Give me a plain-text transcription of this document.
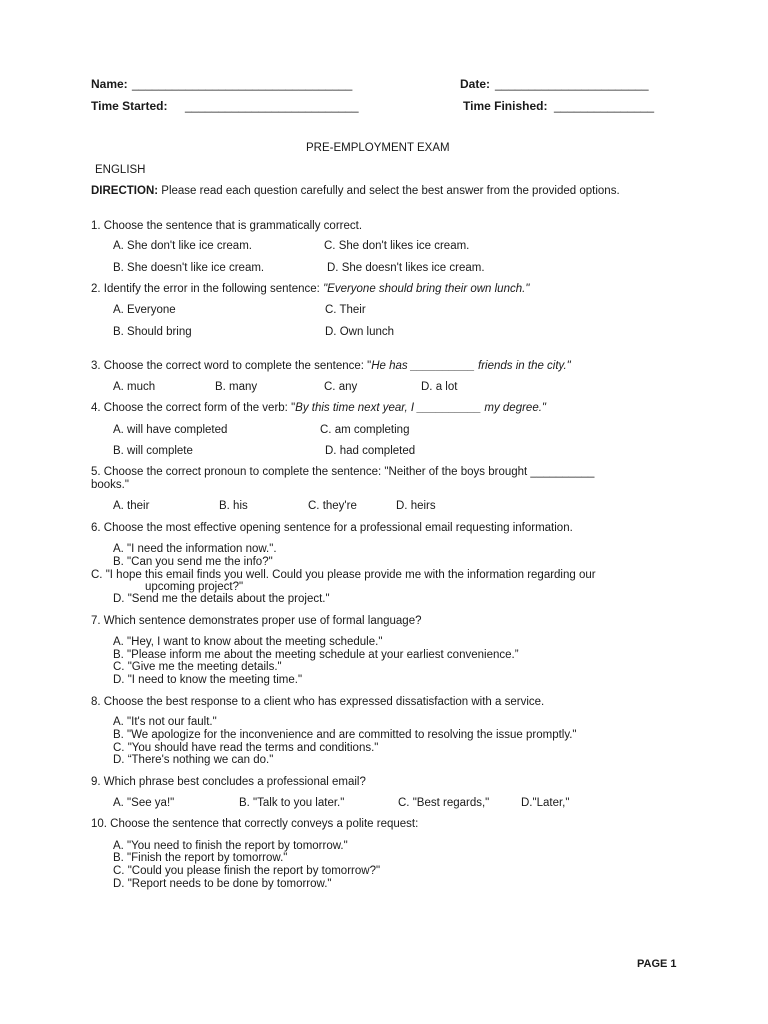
Name: _________________________________	Date: _______________________
Time Started: __________________________	Time Finished: _______________
PRE-EMPLOYMENT EXAM
ENGLISH
DIRECTION: Please read each question carefully and select the best answer from the provided options.
1. Choose the sentence that is grammatically correct.
A. She don't like ice cream.	C. She don't likes ice cream.
B. She doesn't like ice cream.	D. She doesn't likes ice cream.
2. Identify the error in the following sentence: "Everyone should bring their own lunch."
A. Everyone	C. Their
B. Should bring	D. Own lunch
3. Choose the correct word to complete the sentence: "He has __________ friends in the city."
A. much	B. many	C. any	D. a lot
4. Choose the correct form of the verb: "By this time next year, I __________ my degree."
A. will have completed	C. am completing
B. will complete	D. had completed
5. Choose the correct pronoun to complete the sentence: "Neither of the boys brought __________
books."
A. their	B. his	C. they're	D. heirs
6. Choose the most effective opening sentence for a professional email requesting information.
A. "I need the information now.".
B. "Can you send me the info?"
C. "I hope this email finds you well. Could you please provide me with the information regarding our
upcoming project?"
D. "Send me the details about the project."
7. Which sentence demonstrates proper use of formal language?
A. "Hey, I want to know about the meeting schedule."
B. "Please inform me about the meeting schedule at your earliest convenience.”
C. "Give me the meeting details."
D. "I need to know the meeting time."
8. Choose the best response to a client who has expressed dissatisfaction with a service.
A. "It's not our fault."
B. "We apologize for the inconvenience and are committed to resolving the issue promptly."
C. "You should have read the terms and conditions."
D. “There's nothing we can do."
9. Which phrase best concludes a professional email?
A. "See ya!"	B. "Talk to you later."	C. "Best regards,"	D."Later,"
10. Choose the sentence that correctly conveys a polite request:
A. "You need to finish the report by tomorrow."
B. "Finish the report by tomorrow."
C. "Could you please finish the report by tomorrow?"
D. "Report needs to be done by tomorrow."
PAGE 1
